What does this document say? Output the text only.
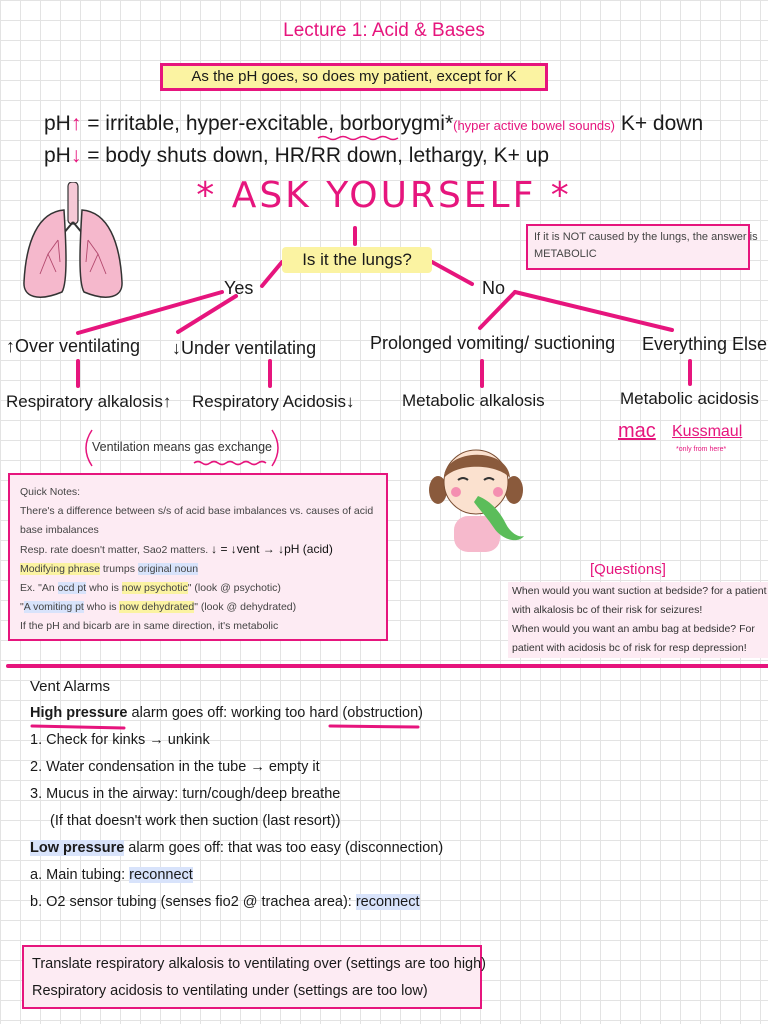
Lecture 1: Acid & Bases
As the pH goes, so does my patient, except for K
pH↑ = irritable, hyper-excitable, borborygmi*(hyper active bowel sounds) K+ down
pH↓ = body shuts down, HR/RR down, lethargy, K+ up
* ASK YOURSELF *
If it is NOT caused by the lungs, the answer is
METABOLIC
Is it the lungs?
Yes	No
↑Over ventilating ↓Under ventilating	Prolonged vomiting/ suctioning Everything Else
Respiratory alkalosis↑ Respiratory Acidosis↓	Metabolic alkalosis	Metabolic acidosis
mac Kussmaul
*only from here*
Ventilation means gas exchange
Quick Notes:
There's a difference between s/s of acid base imbalances vs. causes of acid base imbalances
Resp. rate doesn't matter, Sao2 matters. ↓ = ↓vent → ↓pH (acid)
Modifying phrase trumps original noun
Ex. "An ocd pt who is now psychotic" (look @ psychotic)
"A vomiting pt who is now dehydrated" (look @ dehydrated)
If the pH and bicarb are in same direction, it's metabolic
[Questions]
When would you want suction at bedside? for a patient
with alkalosis bc of their risk for seizures!
When would you want an ambu bag at bedside? For
patient with acidosis bc of risk for resp depression!
Vent Alarms
High pressure alarm goes off: working too hard (obstruction)
1. Check for kinks → unkink
2. Water condensation in the tube → empty it
3. Mucus in the airway: turn/cough/deep breathe
(If that doesn't work then suction (last resort))
Low pressure alarm goes off: that was too easy (disconnection)
a. Main tubing: reconnect
b. O2 sensor tubing (senses fio2 @ trachea area): reconnect
Translate respiratory alkalosis to ventilating over (settings are too high)
Respiratory acidosis to ventilating under (settings are too low)
